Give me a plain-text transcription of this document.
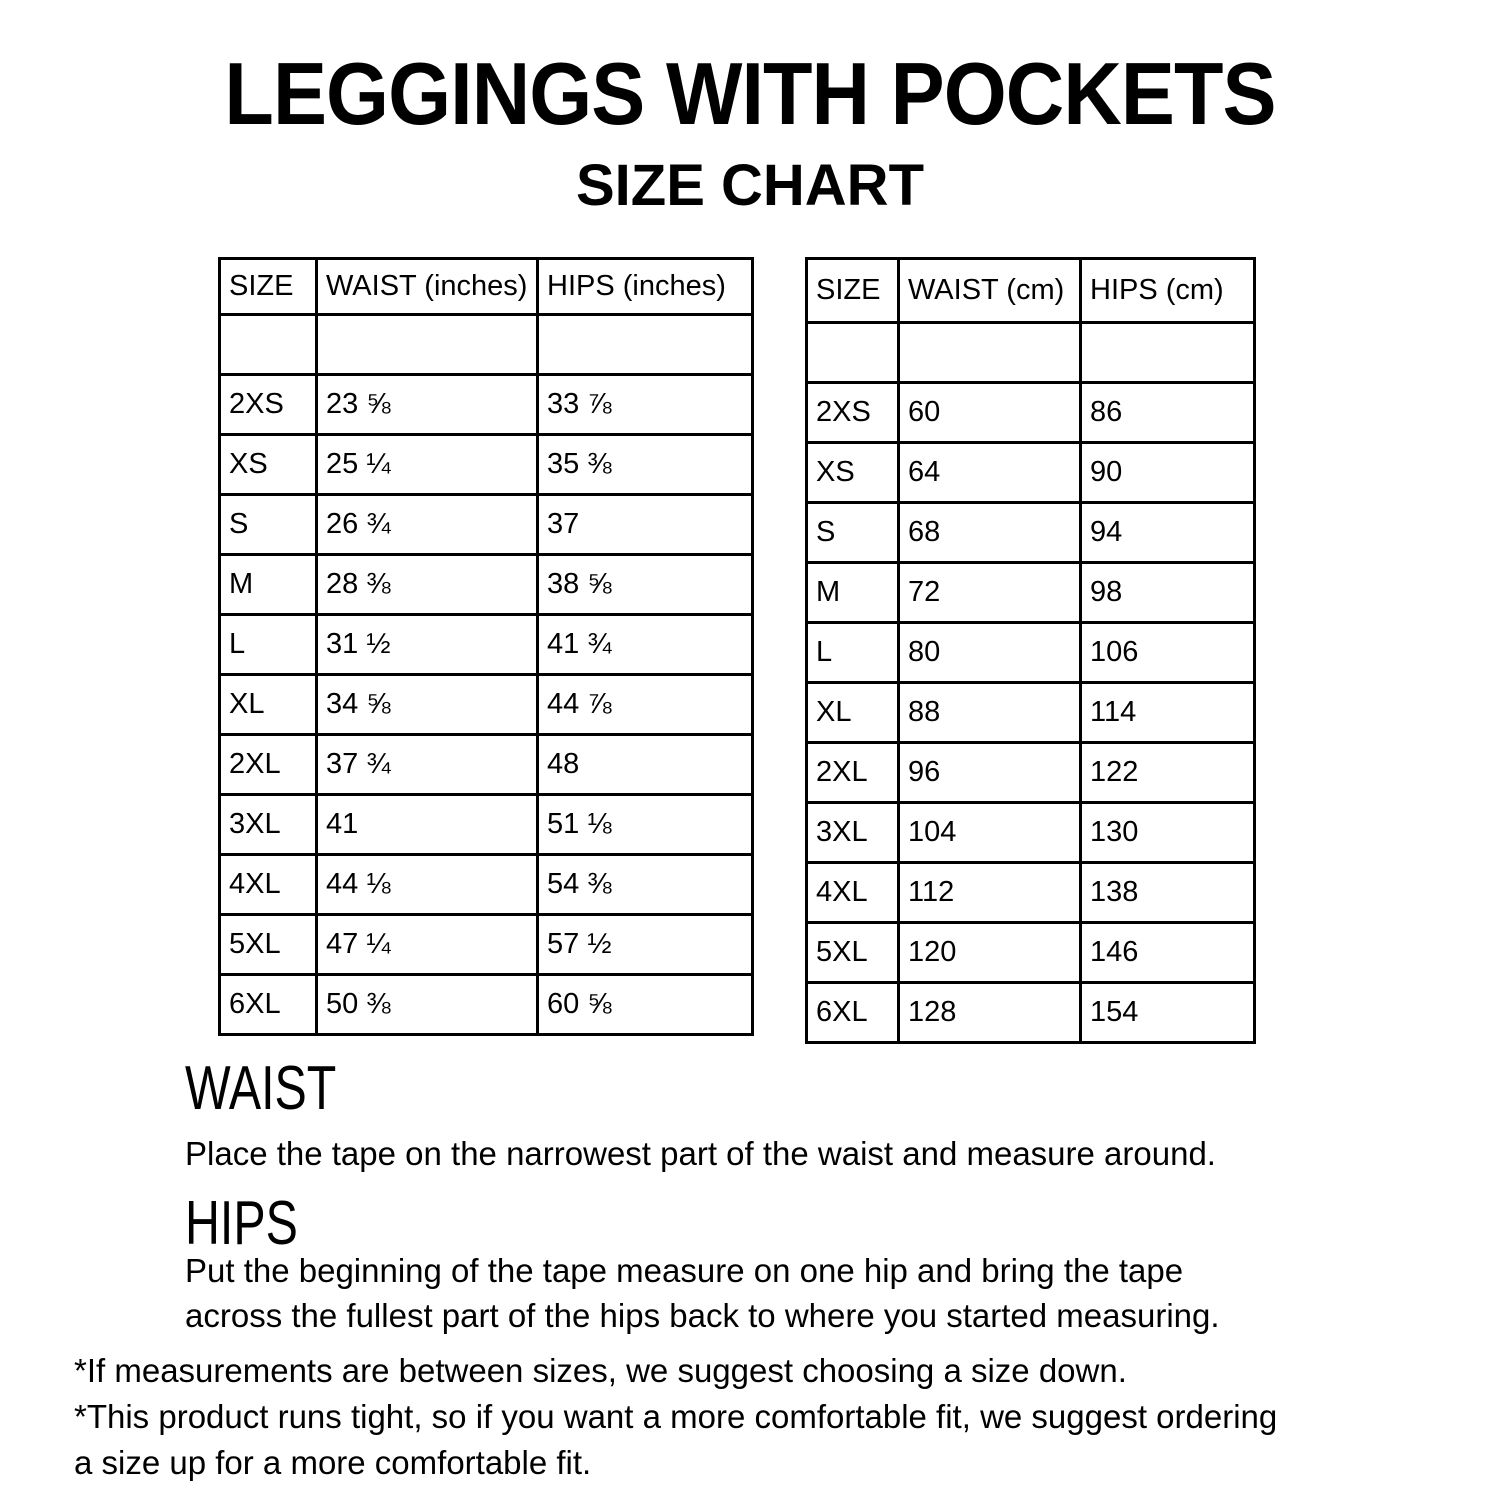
LEGGINGS WITH POCKETS
SIZE CHART
SIZE	WAIST (inches)	HIPS (inches)

2XS	23 ⅝	33 ⅞
XS	25 ¼	35 ⅜
S	26 ¾	37
M	28 ⅜	38 ⅝
L	31 ½	41 ¾
XL	34 ⅝	44 ⅞
2XL	37 ¾	48
3XL	41	51 ⅛
4XL	44 ⅛	54 ⅜
5XL	47 ¼	57 ½
6XL	50 ⅜	60 ⅝
SIZE	WAIST (cm)	HIPS (cm)

2XS	60	86
XS	64	90
S	68	94
M	72	98
L	80	106
XL	88	114
2XL	96	122
3XL	104	130
4XL	112	138
5XL	120	146
6XL	128	154
WAIST

Place the tape on the narrowest part of the waist and measure around.

HIPS
Put the beginning of the tape measure on one hip and bring the tape
across the fullest part of the hips back to where you started measuring.
*If measurements are between sizes, we suggest choosing a size down.
*This product runs tight, so if you want a more comfortable fit, we suggest ordering
a size up for a more comfortable fit.
